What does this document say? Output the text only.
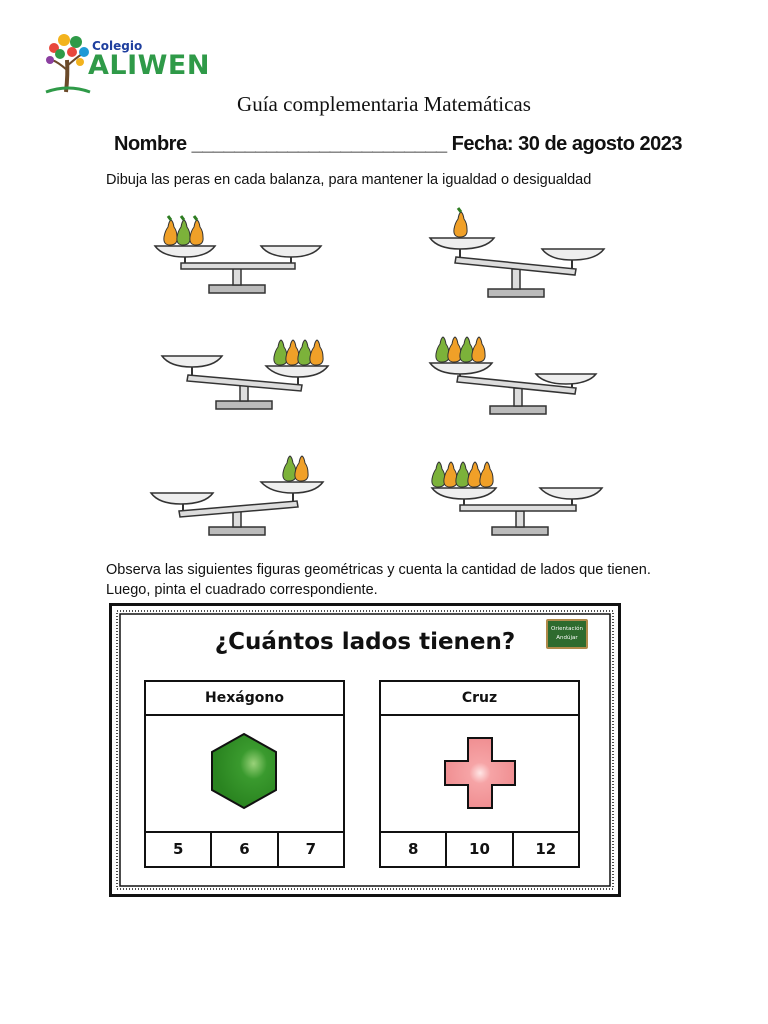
Colegio
ALIWEN
Guía complementaria Matemáticas
Nombre ________________________ Fecha: 30 de agosto 2023
Dibuja las peras en cada balanza, para mantener la igualdad o desigualdad
Observa las siguientes figuras geométricas y cuenta la cantidad de lados que tienen.
Luego, pinta el cuadrado correspondiente.
¿Cuántos lados tienen?	Orientación
Andújar
Hexágono
5	6	7
Cruz
8	10	12
